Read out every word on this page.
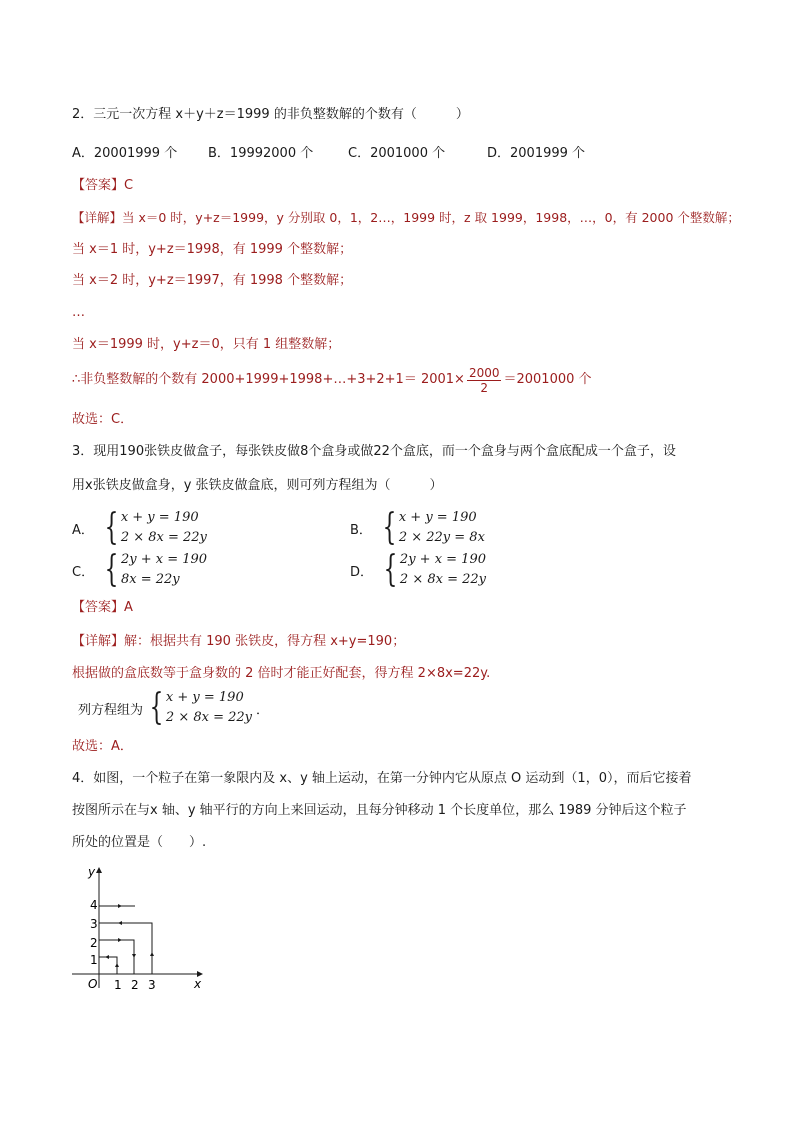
2．三元一次方程 x＋y＋z＝1999 的非负整数解的个数有（　　　）
A．20001999 个 B．19992000 个	C．2001000 个	D．2001999 个
【答案】C
【详解】当 x＝0 时，y+z＝1999，y 分别取 0，1，2…，1999 时，z 取 1999，1998，…，0，有 2000 个整数解；
当 x＝1 时，y+z＝1998，有 1999 个整数解；
当 x＝2 时，y+z＝1997，有 1998 个整数解；
…
当 x＝1999 时，y+z＝0，只有 1 组整数解；
∴非负整数解的个数有 2000+1999+1998+…+3+2+1＝ $2001\times \frac{2000}{2} =2001000$ 个
故选：C．
3．现用190张铁皮做盒子，每张铁皮做8个盒身或做22个盒底，而一个盒身与两个盒底配成一个盒子，设
用x张铁皮做盒身，y 张铁皮做盒底，则可列方程组为（　　　）
A． { x + y = 190
2 × 8x = 22y	B． { x + y = 190
2 × 22y = 8x
C． { 2y + x = 190
8x = 22y	D． { 2y + x = 190
2 × 8x = 22y
【答案】A
【详解】解：根据共有 190 张铁皮，得方程 x+y=190；
根据做的盒底数等于盒身数的 2 倍时才能正好配套，得方程 2×8x=22y.
列方程组为 { x + y = 190
2 × 8x = 22y ．
故选：A．
4．如图，一个粒子在第一象限内及 x、y 轴上运动，在第一分钟内它从原点 O 运动到（1，0），而后它接着
按图所示在与x 轴、y 轴平行的方向上来回运动，且每分钟移动 1 个长度单位，那么 1989 分钟后这个粒子
所处的位置是（　　）.
y
x
O 1 2 3
1
2
3
4
